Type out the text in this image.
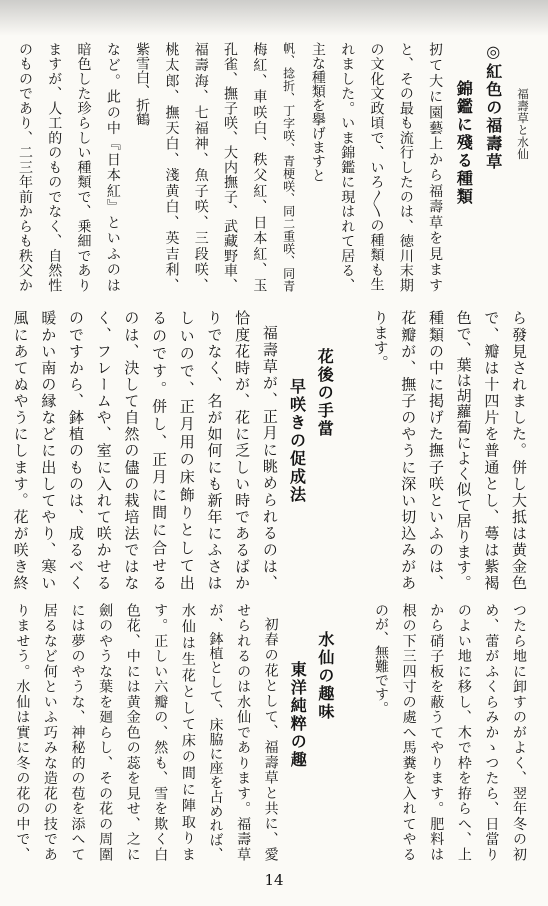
福壽草と水仙
◎紅色の福壽草
錦鑑に殘る種類
扨て大に園藝上から福壽草を見ます
と、その最も流行したのは、徳川末期
の文化文政頃で、いろ〳〵の種類も生
れました。いま錦鑑に現はれて居る、
主な種類を擧げますと
帆、捻折、丁字咲、青梗咲、同二重咲、同青
梅紅、車咲白、秩父紅、日本紅、玉
孔雀、撫子咲、大内撫子、武藏野車、
福壽海、七福神、魚子咲、三段咲、
桃太郎、撫天白、淺黄白、英吉利、
紫雪白、折鶴
など。此の中『日本紅』といふのは
暗色した珍らしい種類で、乗細であり
ますが、人工的のものでなく、自然性
のものであり、二三年前からも秩父か
ら發見されました。併し大抵は黄金色
で、瓣は十四片を普通とし、蕚は紫褐
色で、葉は胡蘿蔔によく似て居ります。
種類の中に掲げた撫子咲といふのは、
花瓣が、撫子のやうに深い切込みがあ
ります。
花後の手當
早咲きの促成法
福壽草が、正月に眺められるのは、
恰度花時が、花に乏しい時であるばか
りでなく、名が如何にも新年にふさは
しいので、正月用の床飾りとして出
るのです。併し、正月に間に合せる
のは、決して自然の儘の栽培法ではな
く、フレームや、室に入れて咲かせる
のですから、鉢植のものは、成るべく
暖かい南の縁などに出してやり、寒い
風にあてぬやうにします。花が咲き終
つたら地に卸すのがよく、翌年冬の初
め、蕾がふくらみかゝつたら、日當り
のよい地に移し、木で枠を拵らへ、上
から硝子板を蔽うてやります。肥料は
根の下三四寸の處へ馬糞を入れてやる
のが、無難です。
水仙の趣味
東洋純粹の趣
初春の花として、福壽草と共に、愛
せられるのは水仙であります。福壽草
が、鉢植として、床脇に座を占めれば、
水仙は生花として床の間に陣取りま
す。正しい六瓣の、然も、雪を欺く白
色花、中には黄金色の蕊を見せ、之に
劍のやうな葉を廻らし、その花の周圍
には夢のやうな、神秘的の苞を添へて
居るなど何といふ巧みな造花の技であ
りませう。水仙は實に冬の花の中で、
14
